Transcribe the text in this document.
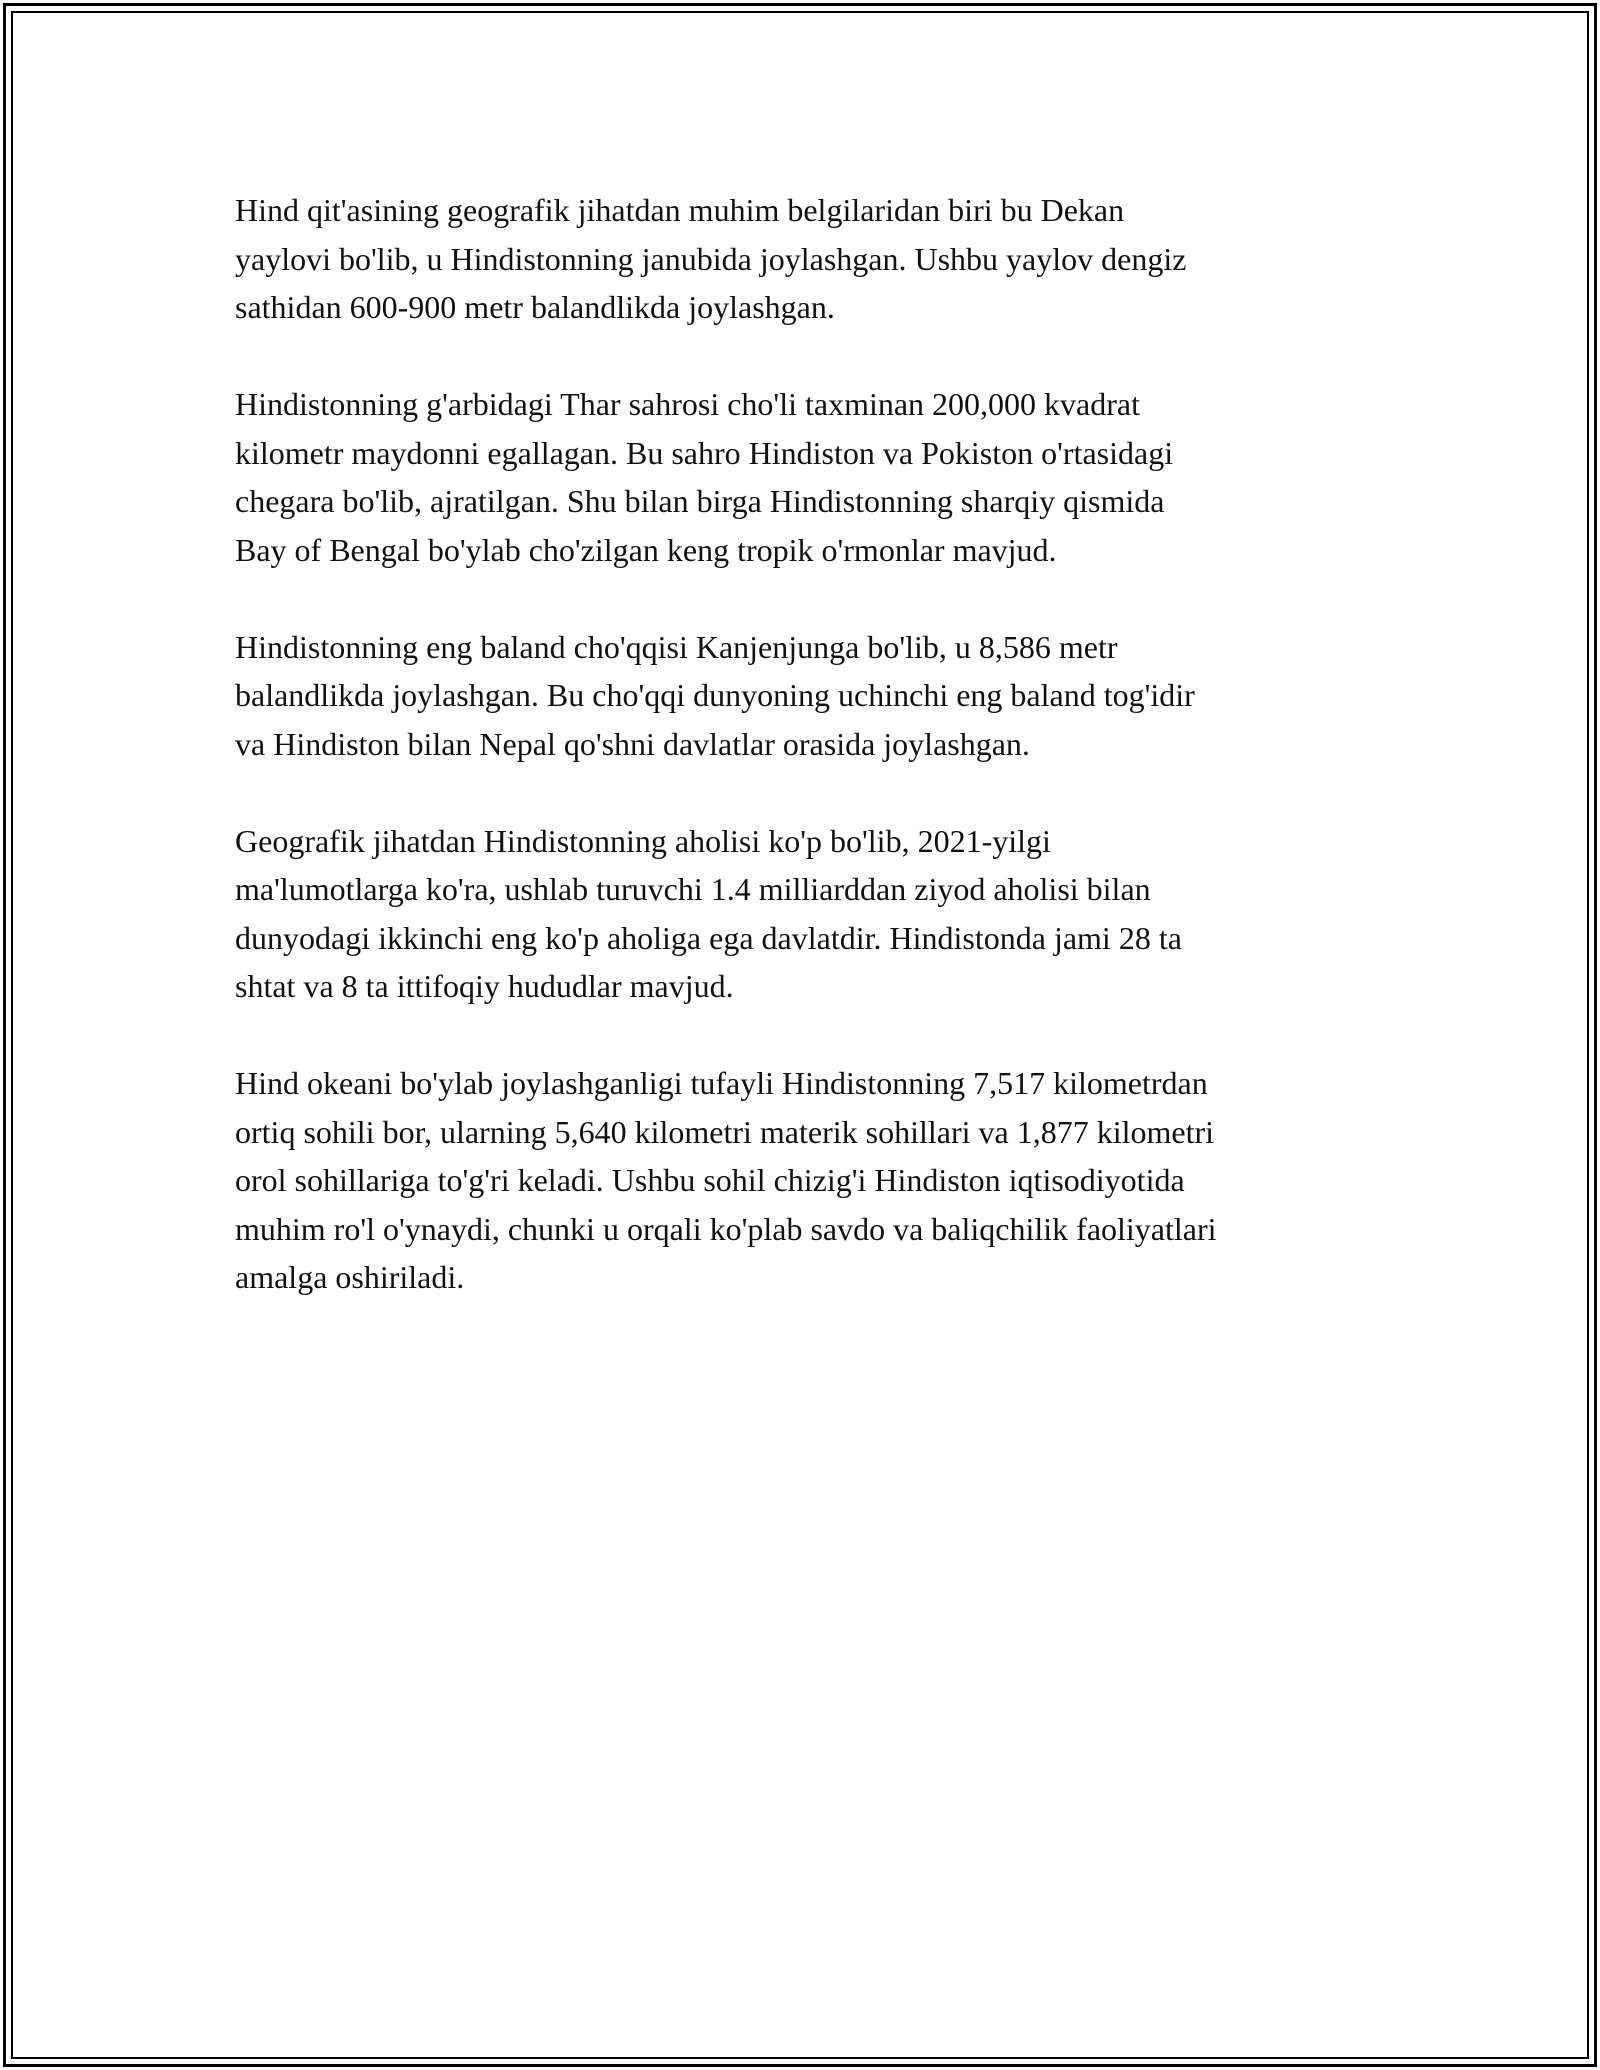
Hind qit'asining geografik jihatdan muhim belgilaridan biri bu Dekan
yaylovi bo'lib, u Hindistonning janubida joylashgan. Ushbu yaylov dengiz
sathidan 600-900 metr balandlikda joylashgan.

Hindistonning g'arbidagi Thar sahrosi cho'li taxminan 200,000 kvadrat
kilometr maydonni egallagan. Bu sahro Hindiston va Pokiston o'rtasidagi
chegara bo'lib, ajratilgan. Shu bilan birga Hindistonning sharqiy qismida
Bay of Bengal bo'ylab cho'zilgan keng tropik o'rmonlar mavjud.

Hindistonning eng baland cho'qqisi Kanjenjunga bo'lib, u 8,586 metr
balandlikda joylashgan. Bu cho'qqi dunyoning uchinchi eng baland tog'idir
va Hindiston bilan Nepal qo'shni davlatlar orasida joylashgan.

Geografik jihatdan Hindistonning aholisi ko'p bo'lib, 2021-yilgi
ma'lumotlarga ko'ra, ushlab turuvchi 1.4 milliarddan ziyod aholisi bilan
dunyodagi ikkinchi eng ko'p aholiga ega davlatdir. Hindistonda jami 28 ta
shtat va 8 ta ittifoqiy hududlar mavjud.

Hind okeani bo'ylab joylashganligi tufayli Hindistonning 7,517 kilometrdan
ortiq sohili bor, ularning 5,640 kilometri materik sohillari va 1,877 kilometri
orol sohillariga to'g'ri keladi. Ushbu sohil chizig'i Hindiston iqtisodiyotida
muhim ro'l o'ynaydi, chunki u orqali ko'plab savdo va baliqchilik faoliyatlari
amalga oshiriladi.
